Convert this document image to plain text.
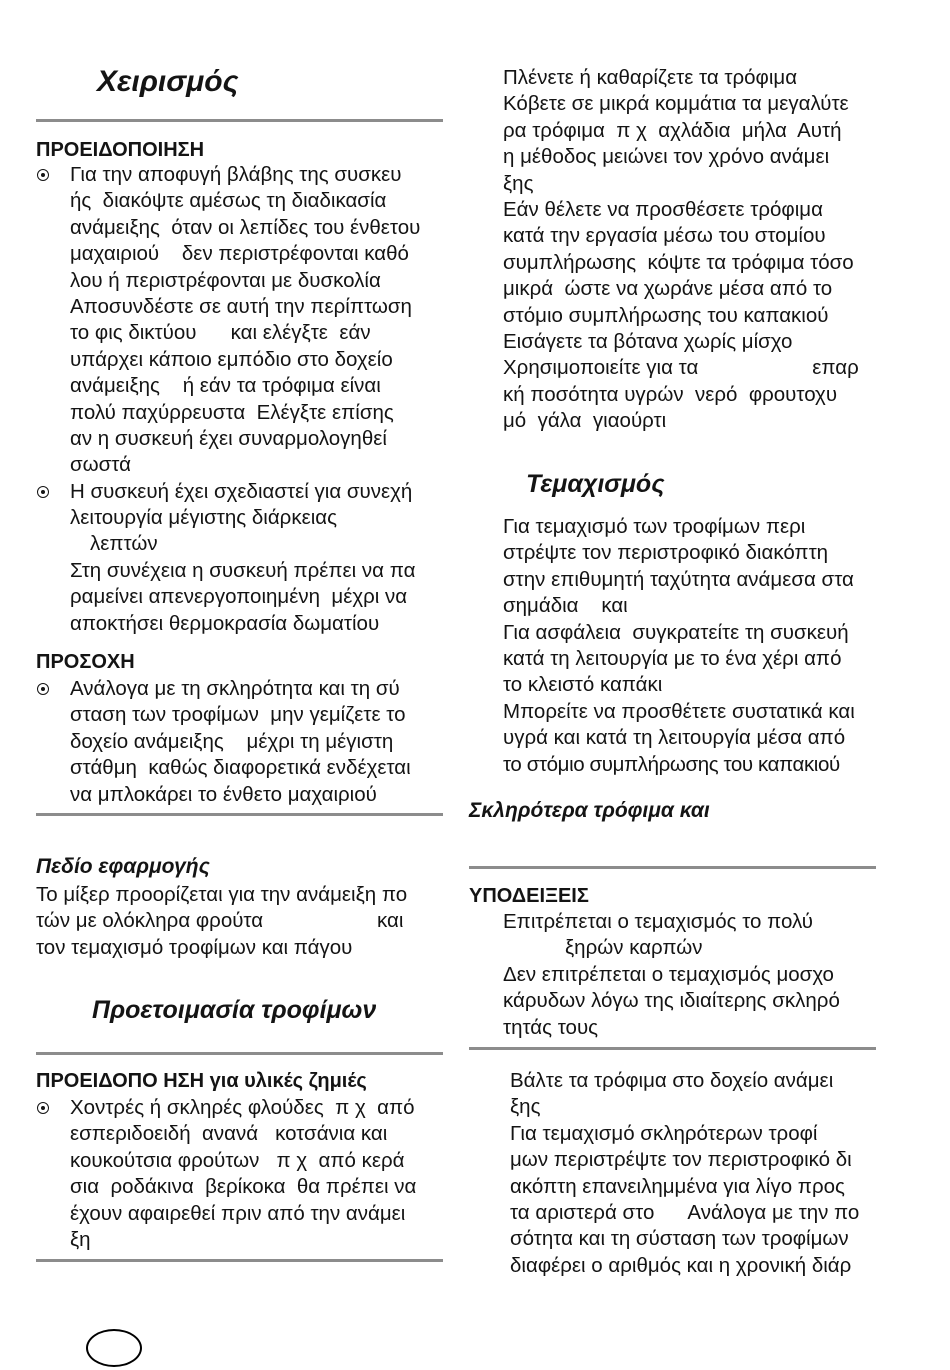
Χειρισμός
ΠΡΟΕΙΔΟΠΟΙΗΣΗ
Για την αποφυγή βλάβης της συσκευ
ής  διακόψτε αμέσως τη διαδικασία
ανάμειξης  όταν οι λεπίδες του ένθετου
μαχαιριού    δεν περιστρέφονται καθό
λου ή περιστρέφονται με δυσκολία
Αποσυνδέστε σε αυτή την περίπτωση
το φις δικτύου      και ελέγξτε  εάν
υπάρχει κάποιο εμπόδιο στο δοχείο
ανάμειξης    ή εάν τα τρόφιμα είναι
πολύ παχύρρευστα  Ελέγξτε επίσης
αν η συσκευή έχει συναρμολογηθεί
σωστά
Η συσκευή έχει σχεδιαστεί για συνεχή
λειτουργία μέγιστης διάρκειας
λεπτών
Στη συνέχεια η συσκευή πρέπει να πα
ραμείνει απενεργοποιημένη  μέχρι να
αποκτήσει θερμοκρασία δωματίου
ΠΡΟΣΟΧΗ
Ανάλογα με τη σκληρότητα και τη σύ
σταση των τροφίμων  μην γεμίζετε το
δοχείο ανάμειξης    μέχρι τη μέγιστη
στάθμη  καθώς διαφορετικά ενδέχεται
να μπλοκάρει το ένθετο μαχαιριού
Πεδίο εφαρμογής
Το μίξερ προορίζεται για την ανάμειξη πο
τών με ολόκληρα φρούτα                    και
τον τεμαχισμό τροφίμων και πάγου
Προετοιμασία τροφίμων
ΠΡΟΕΙΔΟΠΟ ΗΣΗ για υλικές ζημιές
Χοντρές ή σκληρές φλούδες  π χ  από
εσπεριδοειδή  ανανά   κοτσάνια και
κουκούτσια φρούτων   π χ  από κερά
σια  ροδάκινα  βερίκοκα  θα πρέπει να
έχουν αφαιρεθεί πριν από την ανάμει
ξη
Πλένετε ή καθαρίζετε τα τρόφιμα
Κόβετε σε μικρά κομμάτια τα μεγαλύτε
ρα τρόφιμα  π χ  αχλάδια  μήλα  Αυτή
η μέθοδος μειώνει τον χρόνο ανάμει
ξης
Εάν θέλετε να προσθέσετε τρόφιμα
κατά την εργασία μέσω του στομίου
συμπλήρωσης  κόψτε τα τρόφιμα τόσο
μικρά  ώστε να χωράνε μέσα από το
στόμιο συμπλήρωσης του καπακιού
Εισάγετε τα βότανα χωρίς μίσχο
Χρησιμοποιείτε για τα                    επαρ
κή ποσότητα υγρών  νερό  φρουτοχυ
μό  γάλα  γιαούρτι
Τεμαχισμός
Για τεμαχισμό των τροφίμων περι
στρέψτε τον περιστροφικό διακόπτη
στην επιθυμητή ταχύτητα ανάμεσα στα
σημάδια    και
Για ασφάλεια  συγκρατείτε τη συσκευή
κατά τη λειτουργία με το ένα χέρι από
το κλειστό καπάκι
Μπορείτε να προσθέτετε συστατικά και
υγρά και κατά τη λειτουργία μέσα από
το στόμιο συμπλήρωσης του καπακιού
Σκληρότερα τρόφιμα και
ΥΠΟΔΕΙΞΕΙΣ
Επιτρέπεται ο τεμαχισμός το πολύ
ξηρών καρπών
Δεν επιτρέπεται ο τεμαχισμός μοσχο
κάρυδων λόγω της ιδιαίτερης σκληρό
τητάς τους
Βάλτε τα τρόφιμα στο δοχείο ανάμει
ξης
Για τεμαχισμό σκληρότερων τροφί
μων περιστρέψτε τον περιστροφικό δι
ακόπτη επανειλημμένα για λίγο προς
τα αριστερά στο      Ανάλογα με την πο
σότητα και τη σύσταση των τροφίμων
διαφέρει ο αριθμός και η χρονική διάρ
